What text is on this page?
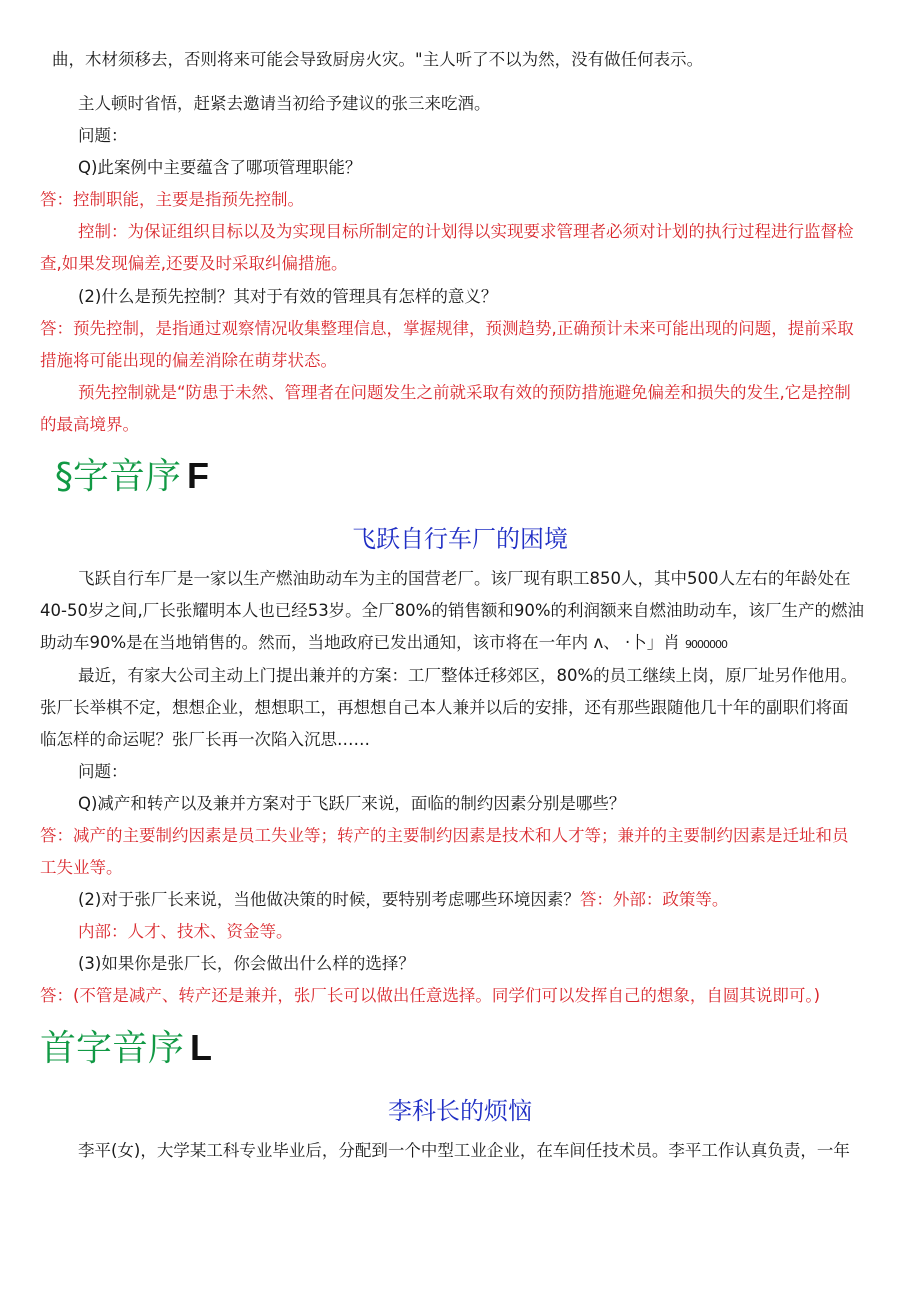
曲，木材须移去，否则将来可能会导致厨房火灾。"主人听了不以为然，没有做任何表示。
主人顿时省悟，赶紧去邀请当初给予建议的张三来吃酒。
问题：
Q)此案例中主要蕴含了哪项管理职能？
答：控制职能，主要是指预先控制。
控制：为保证组织目标以及为实现目标所制定的计划得以实现要求管理者必须对计划的执行过程进行监督检
查,如果发现偏差,还要及时采取纠偏措施。
(2)什么是预先控制？其对于有效的管理具有怎样的意义？
答：预先控制，是指通过观察情况收集整理信息，掌握规律，预测趋势,正确预计未来可能出现的问题，提前采取
措施将可能出现的偏差消除在萌芽状态。
预先控制就是“防患于未然、管理者在问题发生之前就采取有效的预防措施避免偏差和损失的发生,它是控制
的最高境界。
§字音序 F
飞跃自行车厂的困境
飞跃自行车厂是一家以生产燃油助动车为主的国营老厂。该厂现有职工850人，其中500人左右的年龄处在
40-50岁之间,厂长张耀明本人也已经53岁。全厂80%的销售额和90%的利润额来自燃油助动车，该厂生产的燃油
助动车90%是在当地销售的。然而，当地政府已发出通知，该市将在一年内 ʌ、 ·卜」肖 9000000
最近，有家大公司主动上门提出兼并的方案：工厂整体迁移郊区，80%的员工继续上岗，原厂址另作他用。
张厂长举棋不定，想想企业，想想职工，再想想自己本人兼并以后的安排，还有那些跟随他几十年的副职们将面
临怎样的命运呢？张厂长再一次陷入沉思……
问题：
Q)减产和转产以及兼并方案对于飞跃厂来说，面临的制约因素分别是哪些？
答：减产的主要制约因素是员工失业等；转产的主要制约因素是技术和人才等；兼并的主要制约因素是迁址和员
工失业等。
(2)对于张厂长来说，当他做决策的时候，要特别考虑哪些环境因素？答：外部：政策等。
内部：人才、技术、资金等。
(3)如果你是张厂长，你会做出什么样的选择？
答：(不管是减产、转产还是兼并，张厂长可以做出任意选择。同学们可以发挥自己的想象，自圆其说即可。)
首字音序 L
李科长的烦恼
李平(女)，大学某工科专业毕业后，分配到一个中型工业企业，在车间任技术员。李平工作认真负责，一年
